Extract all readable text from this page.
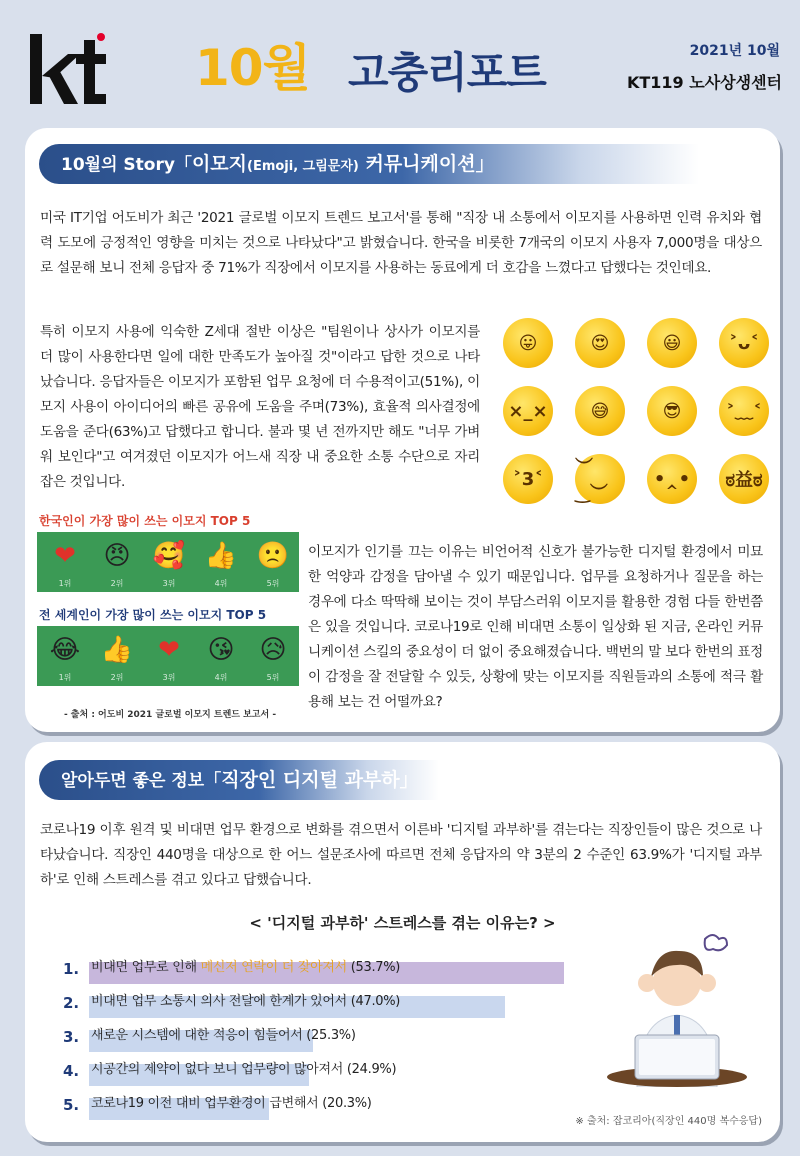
10월 고충리포트	2021년 10월
KT119 노사상생센터
10월의 Story「이모지(Emoji, 그림문자) 커뮤니케이션」
미국 IT기업 어도비가 최근 '2021 글로벌 이모지 트렌드 보고서'를 통해 "직장 내 소통에서 이모지를 사용하면 인력 유치와 협력 도모에 긍정적인 영향을 미치는 것으로 나타났다"고 밝혔습니다. 한국을 비롯한 7개국의 이모지 사용자 7,000명을 대상으로 설문해 보니 전체 응답자 중 71%가 직장에서 이모지를 사용하는 동료에게 더 호감을 느꼈다고 답했다는 것인데요.
특히 이모지 사용에 익숙한 Z세대 절반 이상은 "팀원이나 상사가 이모지를 더 많이 사용한다면 일에 대한 만족도가 높아질 것"이라고 답한 것으로 나타났습니다. 응답자들은 이모지가 포함된 업무 요청에 더 수용적이고(51%), 이모지 사용이 아이디어의 빠른 공유에 도움을 주며(73%), 효율적 의사결정에 도움을 준다(63%)고 답했다고 합니다. 불과 몇 년 전까지만 해도 "너무 가벼워 보인다"고 여겨졌던 이모지가 어느새 직장 내 중요한 소통 수단으로 자리 잡은 것입니다.
😛	😍	😃	˃ᴗ˂
×_× 😅	😎 ˃﹏˂
˃3˂
︶‿︶
•‸• ಠ益ಠ
한국인이 가장 많이 쓰는 이모지 TOP 5
❤ 😠 🥰 👍 🙁
1위	2위	3위	4위	5위
전 세계인이 가장 많이 쓰는 이모지 TOP 5
😂 👍 ❤ 😘 😥
1위	2위	3위	4위	5위
- 출처 : 어도비 2021 글로벌 이모지 트렌드 보고서 -
이모지가 인기를 끄는 이유는 비언어적 신호가 불가능한 디지털 환경에서 미묘한 억양과 감정을 담아낼 수 있기 때문입니다. 업무를 요청하거나 질문을 하는 경우에 다소 딱딱해 보이는 것이 부담스러워 이모지를 활용한 경험 다들 한번쯤은 있을 것입니다. 코로나19로 인해 비대면 소통이 일상화 된 지금, 온라인 커뮤니케이션 스킬의 중요성이 더 없이 중요해졌습니다. 백번의 말 보다 한번의 표정이 감정을 잘 전달할 수 있듯, 상황에 맞는 이모지를 직원들과의 소통에 적극 활용해 보는 건 어떨까요?
알아두면 좋은 정보「직장인 디지털 과부하」
코로나19 이후 원격 및 비대면 업무 환경으로 변화를 겪으면서 이른바 '디지털 과부하'를 겪는다는 직장인들이 많은 것으로 나타났습니다. 직장인 440명을 대상으로 한 어느 설문조사에 따르면 전체 응답자의 약 3분의 2 수준인 63.9%가 '디지털 과부하'로 인해 스트레스를 겪고 있다고 답했습니다.
< '디지털 과부하' 스트레스를 겪는 이유는? >
1. 비대면 업무로 인해 메신저 연락이 더 잦아져서 (53.7%)
2. 비대면 업무 소통시 의사 전달에 한계가 있어서 (47.0%)
3. 새로운 시스템에 대한 적응이 힘들어서 (25.3%)
4. 시공간의 제약이 없다 보니 업무량이 많아져서 (24.9%)
5. 코로나19 이전 대비 업무환경이 급변해서 (20.3%)
※ 출처: 잡코리아(직장인 440명 복수응답)
